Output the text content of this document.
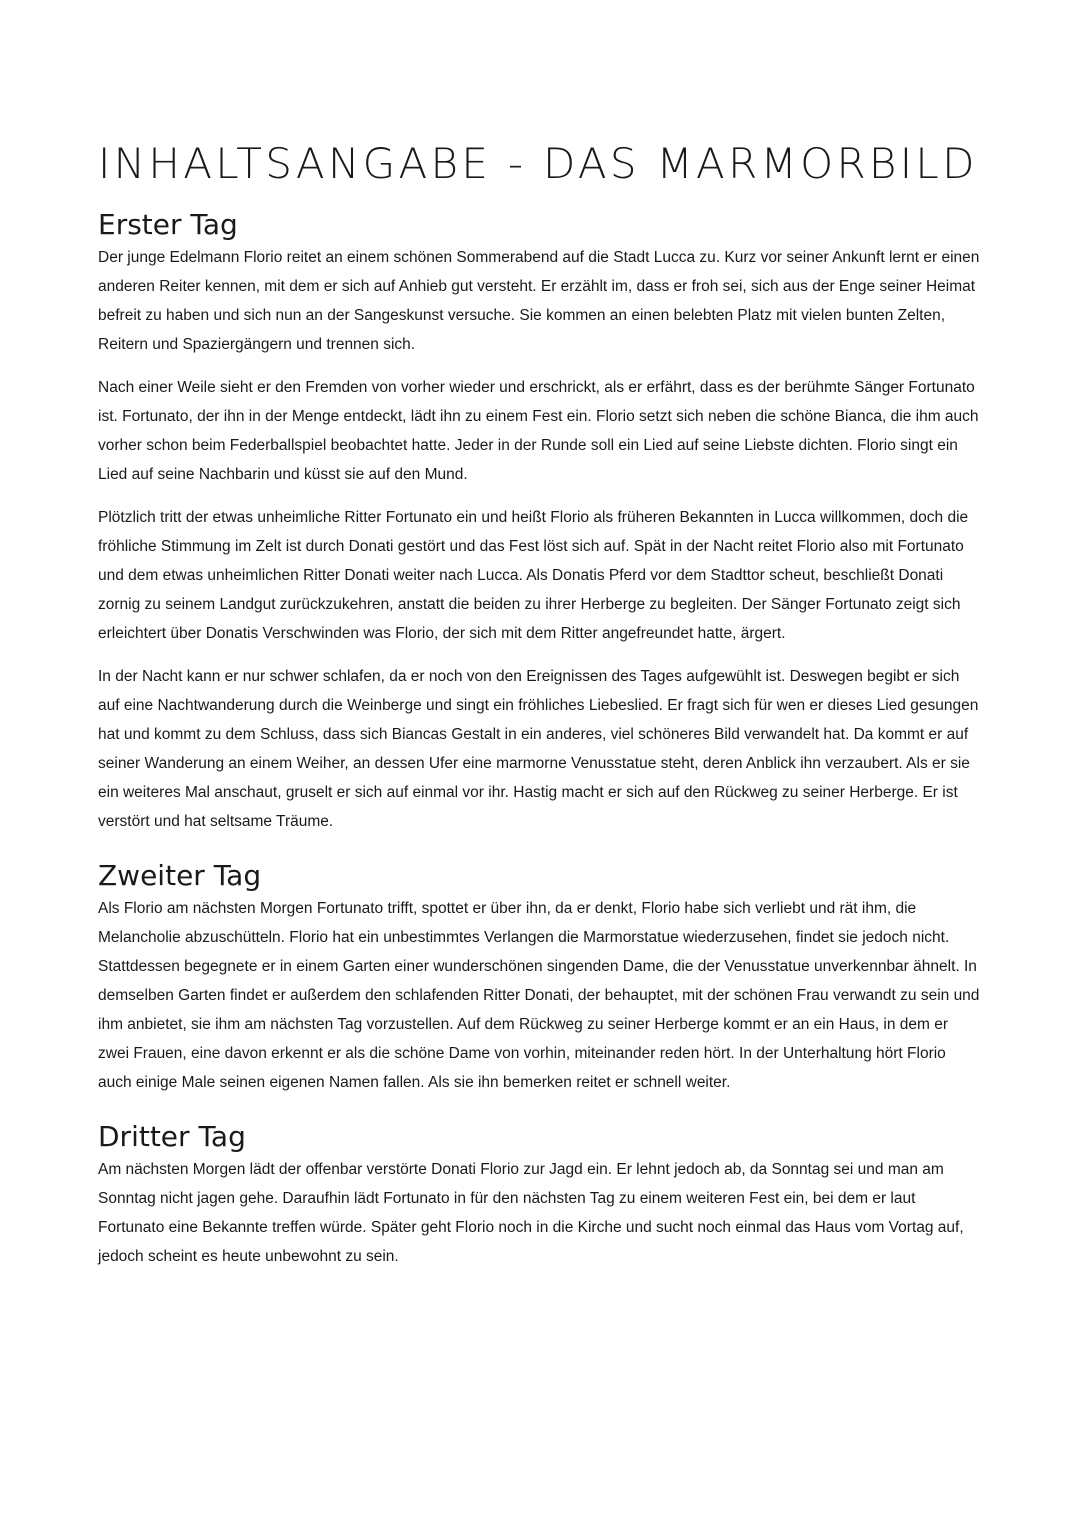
INHALTSANGABE - DAS MARMORBILD
Erster Tag

Der junge Edelmann Florio reitet an einem schönen Sommerabend auf die Stadt Lucca zu. Kurz vor seiner Ankunft lernt er einen anderen Reiter kennen, mit dem er sich auf Anhieb gut versteht. Er erzählt im, dass er froh sei, sich aus der Enge seiner Heimat befreit zu haben und sich nun an der Sangeskunst versuche. Sie kommen an einen belebten Platz mit vielen bunten Zelten, Reitern und Spaziergängern und trennen sich.

Nach einer Weile sieht er den Fremden von vorher wieder und erschrickt, als er erfährt, dass es der berühmte Sänger Fortunato ist. Fortunato, der ihn in der Menge entdeckt, lädt ihn zu einem Fest ein. Florio setzt sich neben die schöne Bianca, die ihm auch vorher schon beim Federballspiel beobachtet hatte. Jeder in der Runde soll ein Lied auf seine Liebste dichten. Florio singt ein Lied auf seine Nachbarin und küsst sie auf den Mund.

Plötzlich tritt der etwas unheimliche Ritter Fortunato ein und heißt Florio als früheren Bekannten in Lucca willkommen, doch die fröhliche Stimmung im Zelt ist durch Donati gestört und das Fest löst sich auf. Spät in der Nacht reitet Florio also mit Fortunato und dem etwas unheimlichen Ritter Donati weiter nach Lucca. Als Donatis Pferd vor dem Stadttor scheut, beschließt Donati zornig zu seinem Landgut zurückzukehren, anstatt die beiden zu ihrer Herberge zu begleiten. Der Sänger Fortunato zeigt sich erleichtert über Donatis Verschwinden was Florio, der sich mit dem Ritter angefreundet hatte, ärgert.

In der Nacht kann er nur schwer schlafen, da er noch von den Ereignissen des Tages aufgewühlt ist. Deswegen begibt er sich auf eine Nachtwanderung durch die Weinberge und singt ein fröhliches Liebeslied. Er fragt sich für wen er dieses Lied gesungen hat und kommt zu dem Schluss, dass sich Biancas Gestalt in ein anderes, viel schöneres Bild verwandelt hat. Da kommt er auf seiner Wanderung an einem Weiher, an dessen Ufer eine marmorne Venusstatue steht, deren Anblick ihn verzaubert. Als er sie ein weiteres Mal anschaut, gruselt er sich auf einmal vor ihr. Hastig macht er sich auf den Rückweg zu seiner Herberge. Er ist verstört und hat seltsame Träume.

Zweiter Tag

Als Florio am nächsten Morgen Fortunato trifft, spottet er über ihn, da er denkt, Florio habe sich verliebt und rät ihm, die Melancholie abzuschütteln. Florio hat ein unbestimmtes Verlangen die Marmorstatue wiederzusehen, findet sie jedoch nicht. Stattdessen begegnete er in einem Garten einer wunderschönen singenden Dame, die der Venusstatue unverkennbar ähnelt. In demselben Garten findet er außerdem den schlafenden Ritter Donati, der behauptet, mit der schönen Frau verwandt zu sein und ihm anbietet, sie ihm am nächsten Tag vorzustellen. Auf dem Rückweg zu seiner Herberge kommt er an ein Haus, in dem er zwei Frauen, eine davon erkennt er als die schöne Dame von vorhin, miteinander reden hört. In der Unterhaltung hört Florio auch einige Male seinen eigenen Namen fallen. Als sie ihn bemerken reitet er schnell weiter.

Dritter Tag

Am nächsten Morgen lädt der offenbar verstörte Donati Florio zur Jagd ein. Er lehnt jedoch ab, da Sonntag sei und man am Sonntag nicht jagen gehe. Daraufhin lädt Fortunato in für den nächsten Tag zu einem weiteren Fest ein, bei dem er laut Fortunato eine Bekannte treffen würde. Später geht Florio noch in die Kirche und sucht noch einmal das Haus vom Vortag auf, jedoch scheint es heute unbewohnt zu sein.
